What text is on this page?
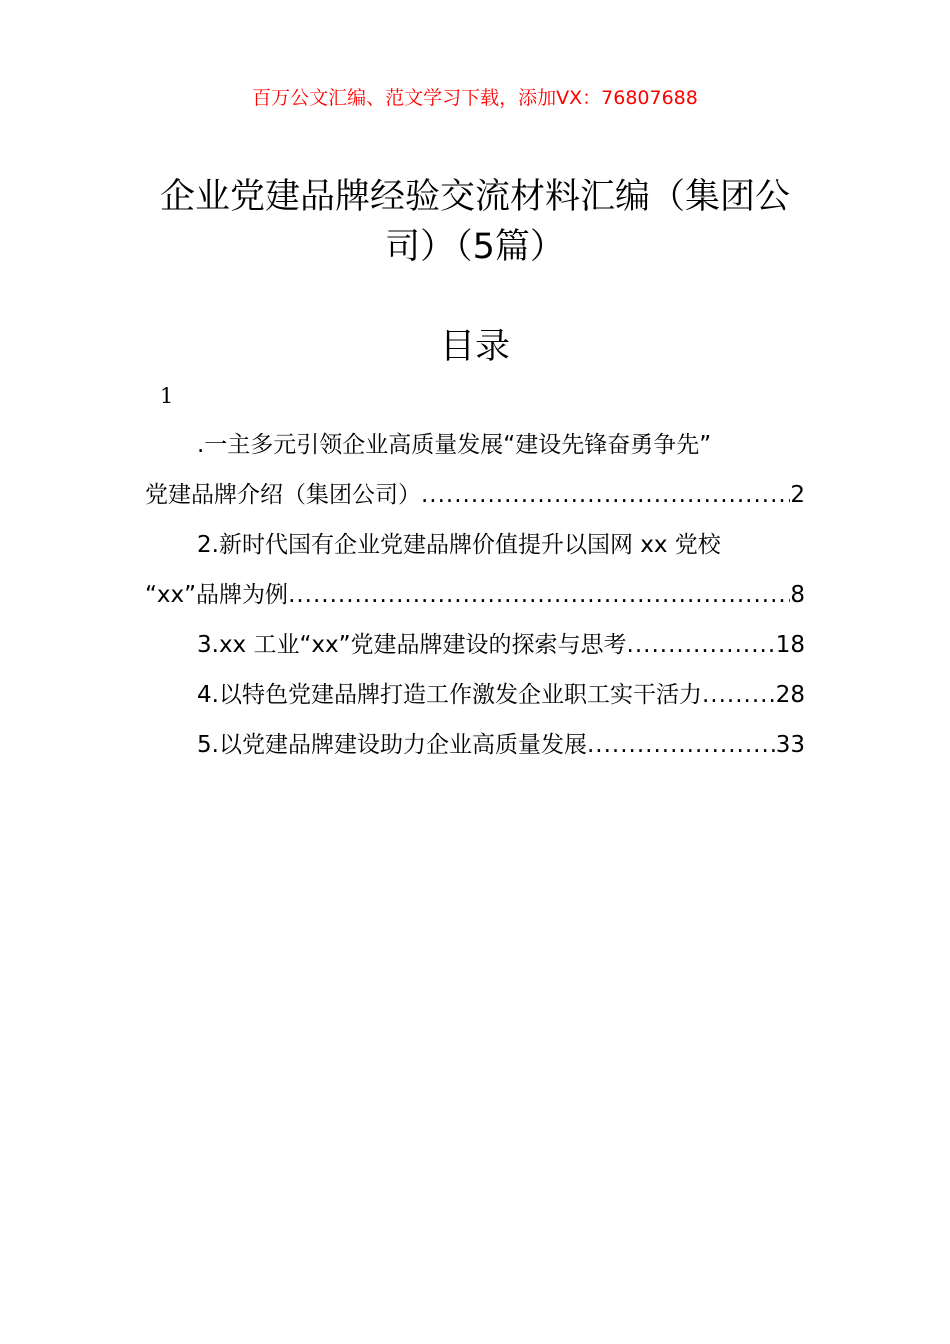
百万公文汇编、范文学习下载，添加VX：76807688
企业党建品牌经验交流材料汇编（集团公司）（5篇）
目录
1
.一主多元引领企业高质量发展“建设先锋奋勇争先”
党建品牌介绍（集团公司） .....	2
2.新时代国有企业党建品牌价值提升以国网 xx 党校
“xx”品牌为例 .....	8
3.xx 工业“xx”党建品牌建设的探索与思考 .....	18
4.以特色党建品牌打造工作激发企业职工实干活力 .....	28
5.以党建品牌建设助力企业高质量发展 .....	33
